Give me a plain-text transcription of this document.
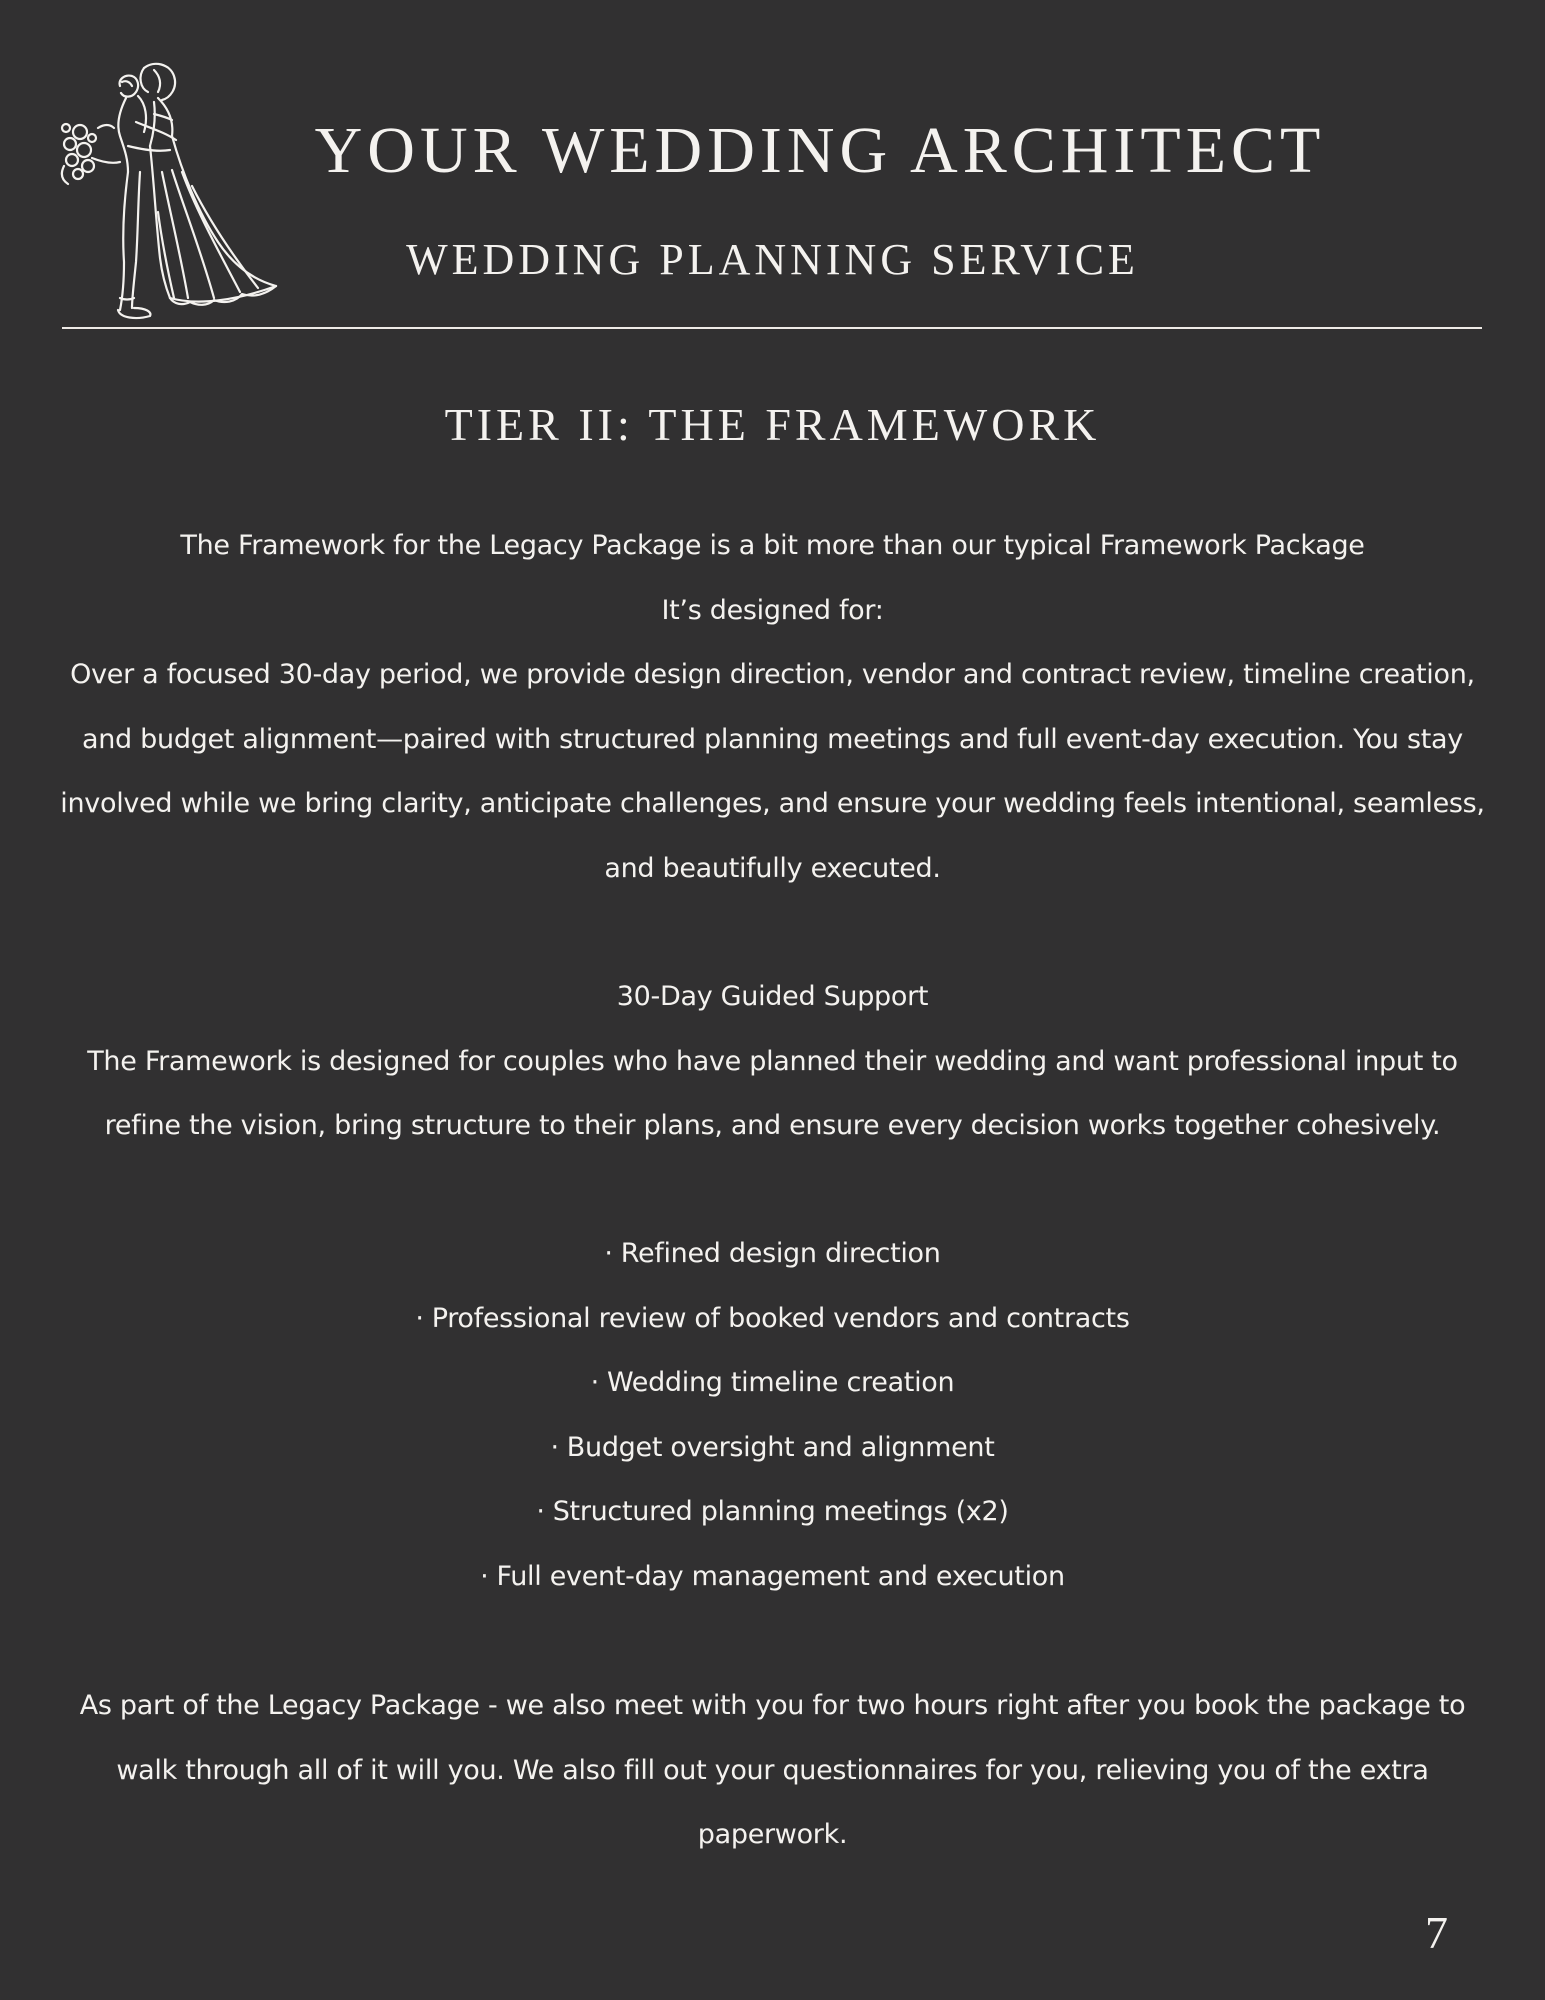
YOUR WEDDING ARCHITECT
WEDDING PLANNING SERVICE
TIER II: THE FRAMEWORK

The Framework for the Legacy Package is a bit more than our typical Framework Package

It’s designed for:

Over a focused 30-day period, we provide design direction, vendor and contract review, timeline creation, and budget alignment—paired with structured planning meetings and full event-day execution. You stay involved while we bring clarity, anticipate challenges, and ensure your wedding feels intentional, seamless, and beautifully executed.

30-Day Guided Support

The Framework is designed for couples who have planned their wedding and want professional input to refine the vision, bring structure to their plans, and ensure every decision works together cohesively.

· Refined design direction
· Professional review of booked vendors and contracts
· Wedding timeline creation
· Budget oversight and alignment
· Structured planning meetings (x2)
· Full event-day management and execution

As part of the Legacy Package - we also meet with you for two hours right after you book the package to walk through all of it will you. We also fill out your questionnaires for you, relieving you of the extra paperwork.

7
